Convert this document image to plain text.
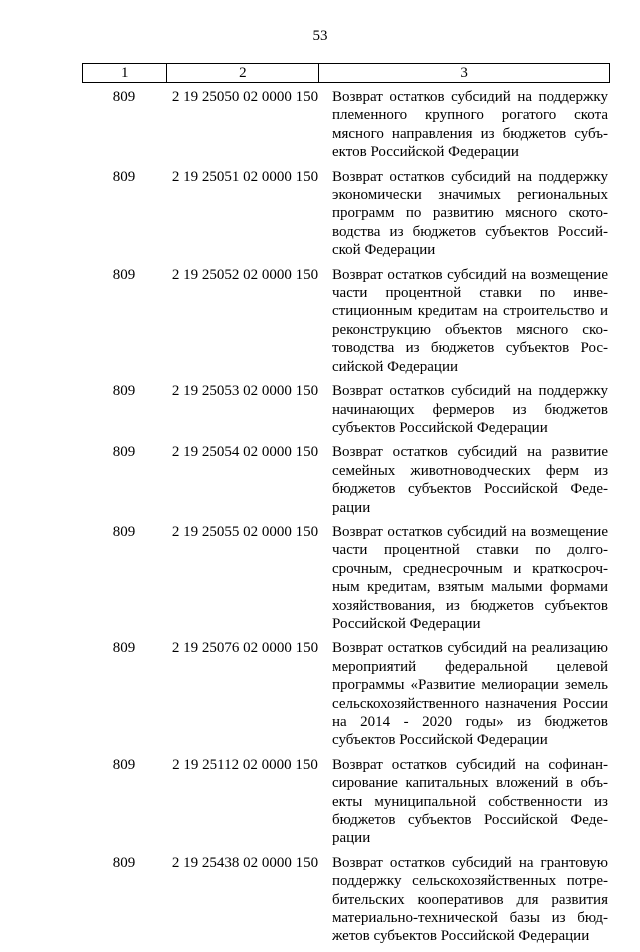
53
1	2	3
809	2 19 25050 02 0000 150 Возврат остатков субсидий на поддержку племенного крупного рогатого скота мясного направления из бюджетов субъектов Российской Федерации
809	2 19 25051 02 0000 150 Возврат остатков субсидий на поддержку экономически значимых региональных программ по развитию мясного скотоводства из бюджетов субъектов Российской Федерации
809	2 19 25052 02 0000 150 Возврат остатков субсидий на возмещение части процентной ставки по инвестиционным кредитам на строительство и реконструкцию объектов мясного скотоводства из бюджетов субъектов Российской Федерации
809	2 19 25053 02 0000 150 Возврат остатков субсидий на поддержку начинающих фермеров из бюджетов субъектов Российской Федерации
809	2 19 25054 02 0000 150 Возврат остатков субсидий на развитие семейных животноводческих ферм из бюджетов субъектов Российской Федерации
809	2 19 25055 02 0000 150 Возврат остатков субсидий на возмещение части процентной ставки по долгосрочным, среднесрочным и краткосрочным кредитам, взятым малыми формами хозяйствования, из бюджетов субъектов Российской Федерации
809	2 19 25076 02 0000 150 Возврат остатков субсидий на реализацию мероприятий федеральной целевой программы «Развитие мелиорации земель сельскохозяйственного назначения России на 2014 - 2020 годы» из бюджетов субъектов Российской Федерации
809	2 19 25112 02 0000 150 Возврат остатков субсидий на софинансирование капитальных вложений в объекты муниципальной собственности из бюджетов субъектов Российской Федерации
809	2 19 25438 02 0000 150 Возврат остатков субсидий на грантовую поддержку сельскохозяйственных потребительских кооперативов для развития материально-технической базы из бюджетов субъектов Российской Федерации
